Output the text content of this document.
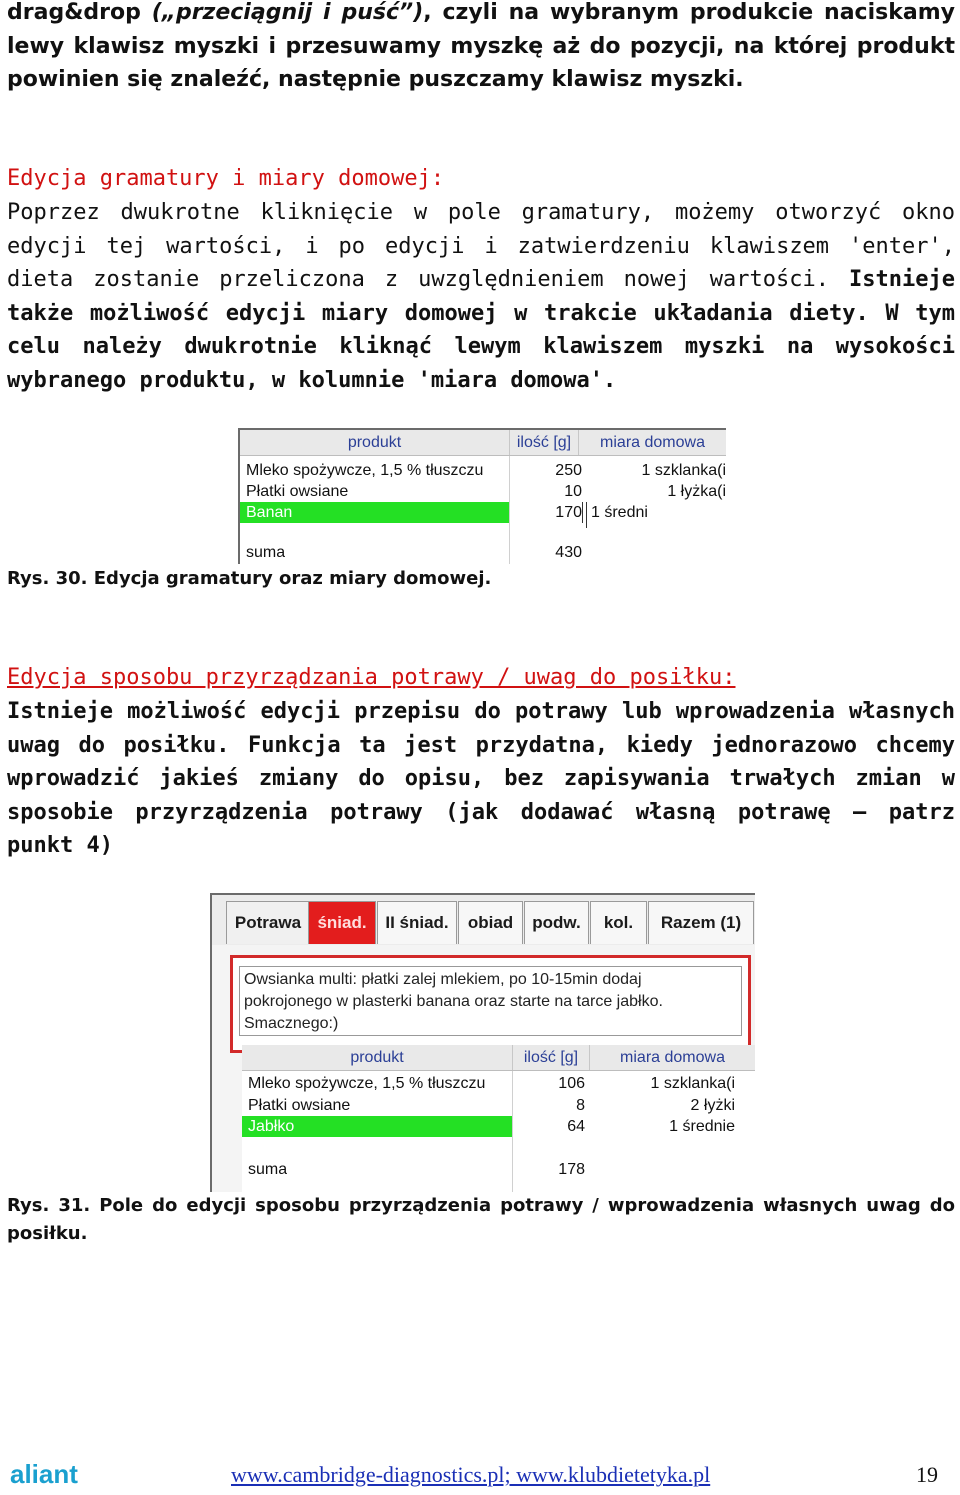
drag&drop („przeciągnij i puść”), czyli na wybranym produkcie naciskamy lewy klawisz myszki i przesuwamy myszkę aż do pozycji, na której produkt powinien się znaleźć, następnie puszczamy klawisz myszki.

Edycja gramatury i miary domowej:

Poprzez dwukrotne kliknięcie w pole gramatury, możemy otworzyć okno edycji tej wartości, i po edycji i zatwierdzeniu klawiszem 'enter', dieta zostanie przeliczona z uwzględnieniem nowej wartości. Istnieje także możliwość edycji miary domowej w trakcie układania diety. W tym celu należy dwukrotnie kliknąć lewym klawiszem myszki na wysokości wybranego produktu, w kolumnie 'miara domowa'.

produkt	ilość [g]	miara domowa
Mleko spożywcze, 1,5 % tłuszczu	250	1 szklanka(i
Płatki owsiane	10	1 łyżka(i
Banan	170 1 średni
suma	430

Rys. 30. Edycja gramatury oraz miary domowej.

Edycja sposobu przyrządzania potrawy / uwag do posiłku:

Istnieje możliwość edycji przepisu do potrawy lub wprowadzenia własnych uwag do posiłku. Funkcja ta jest przydatna, kiedy jednorazowo chcemy wprowadzić jakieś zmiany do opisu, bez zapisywania trwałych zmian w sposobie przyrządzenia potrawy (jak dodawać własną potrawę – patrz punkt 4)

Potrawa śniad.	II śniad.	obiad	podw.	kol.	Razem (1)
Owsianka multi: płatki zalej mlekiem, po 10-15min dodaj
pokrojonego w plasterki banana oraz starte na tarce jabłko.
Smacznego:)
produkt	ilość [g]	miara domowa
Mleko spożywcze, 1,5 % tłuszczu	106	1 szklanka(i
Płatki owsiane	8	2 łyżki
Jabłko	64	1 średnie
suma	178

Rys. 31. Pole do edycji sposobu przyrządzenia potrawy / wprowadzenia własnych uwag do posiłku.

aliant	www.cambridge-diagnostics.pl; www.klubdietetyka.pl	19
